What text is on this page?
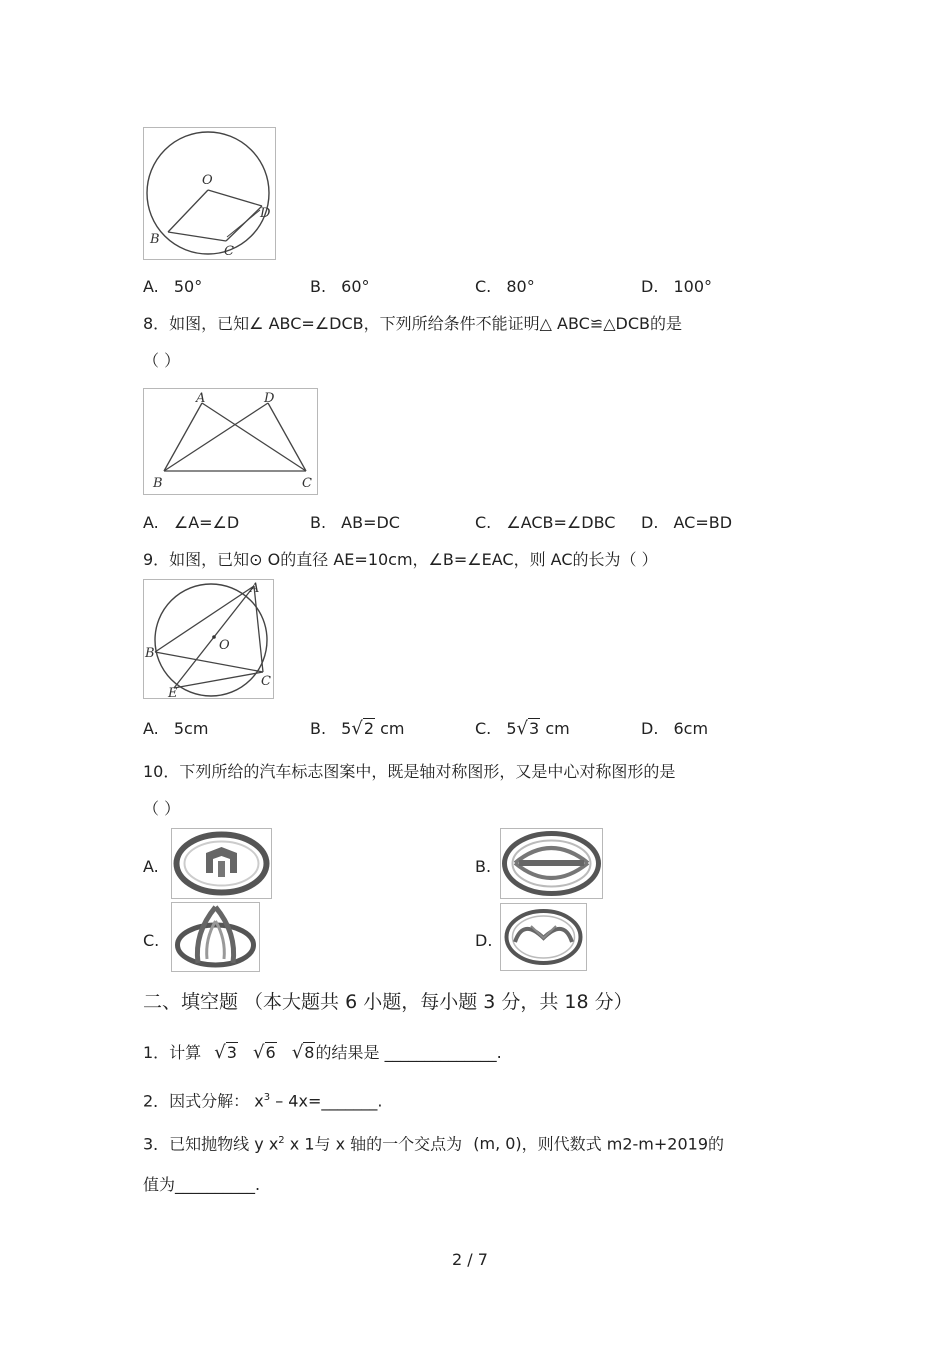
O
D
B
C
A. 50°	B. 60°	C. 80°	D. 100°
8．如图，已知∠ ABC=∠DCB，下列所给条件不能证明△ ABC≌△DCB的是
（ ）
A	D
B	C
A. ∠A=∠D	B. AB=DC	C. ∠ACB=∠DBC D. AC=BD
9．如图，已知⊙ O的直径 AE=10cm，∠B=∠EAC，则 AC的长为（ ）
A
B
O
C
E
A. 5cm	B. 5√2 cm	C. 5√3 cm	D. 6cm
10．下列所给的汽车标志图案中，既是轴对称图形，又是中心对称图形的是
（ ）
A.	B.
C.	D.
二、填空题 （本大题共 6 小题，每小题 3 分，共 18 分）
1．计算 √3 √6 √8的结果是 ______________.
2．因式分解： $x^3$ – 4x=_______.
3．已知抛物线 y $x^2$ x 1与 x 轴的一个交点为 (m, 0)，则代数式 m2-m+2019的
值为__________.
2 / 7
